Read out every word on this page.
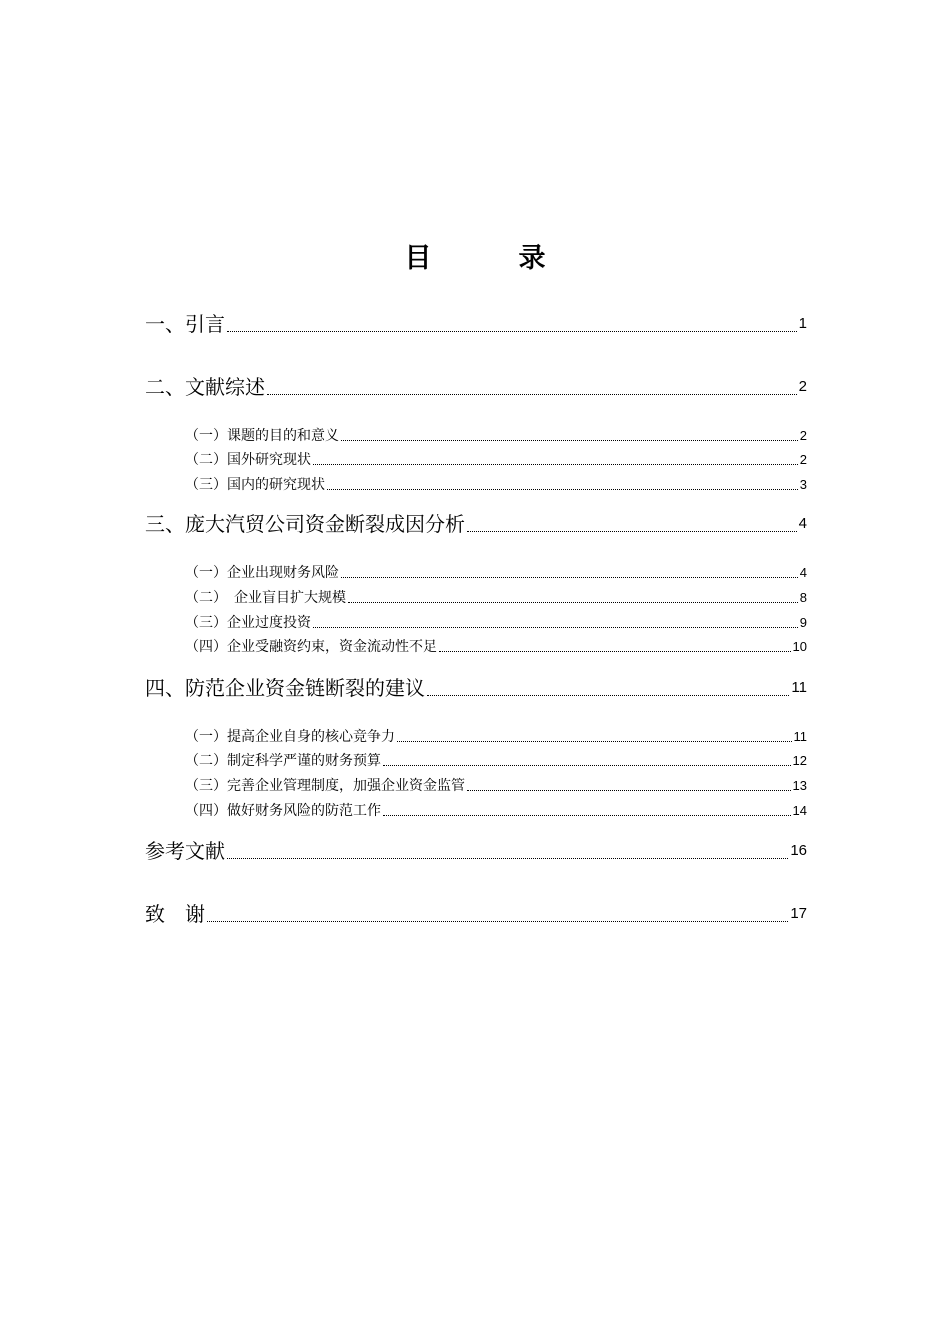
目　录
一、引言	1
二、文献综述	2
（一）课题的目的和意义	2
（二）国外研究现状	2
（三）国内的研究现状	3
三、庞大汽贸公司资金断裂成因分析	4
（一）企业出现财务风险	4
（二）　企业盲目扩大规模	8
（三）企业过度投资	9
（四）企业受融资约束，资金流动性不足	10
四、防范企业资金链断裂的建议	11
（一）提高企业自身的核心竞争力	11
（二）制定科学严谨的财务预算	12
（三）完善企业管理制度，加强企业资金监管	13
（四）做好财务风险的防范工作	14
参考文献	16
致　谢	17
